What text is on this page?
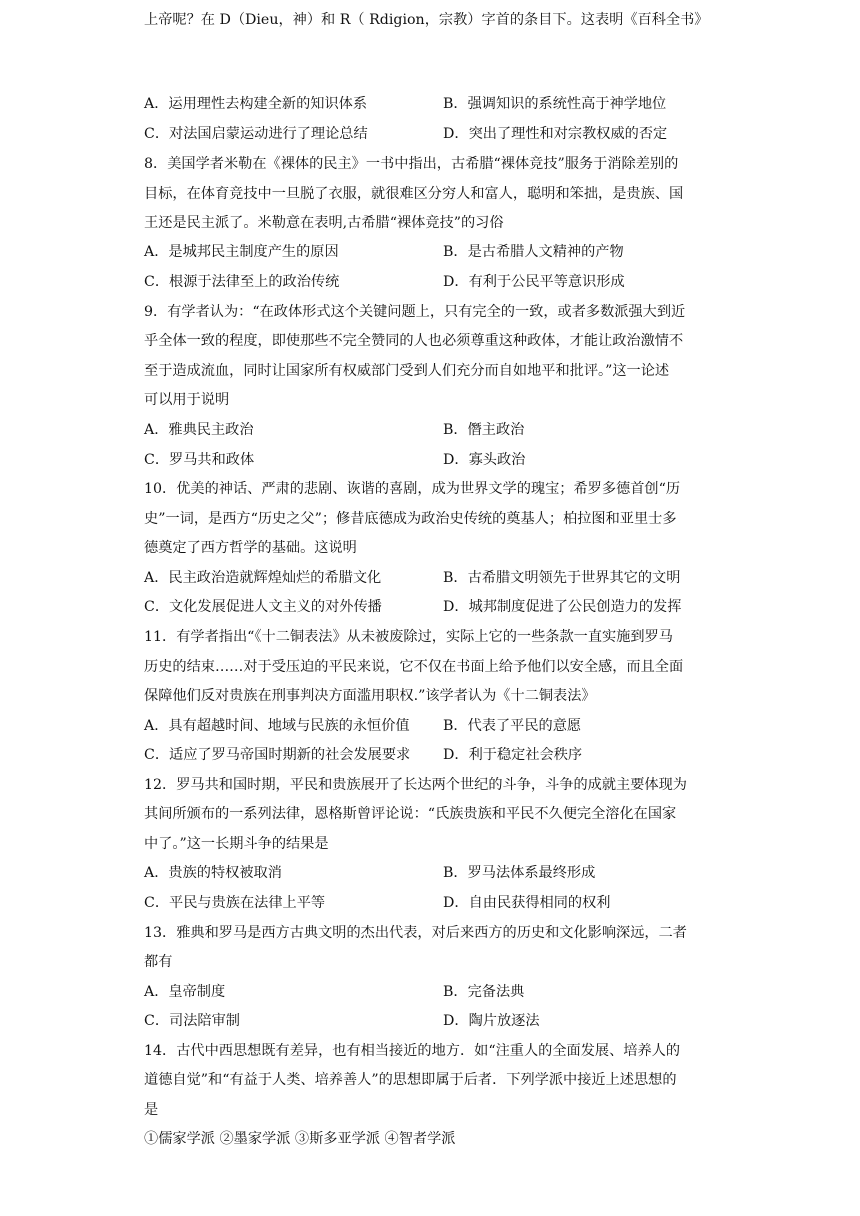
上帝呢？在 D（Dieu，神）和 R（ Rdigion，宗教）字首的条目下。这表明《百科全书》
A．运用理性去构建全新的知识体系	B．强调知识的系统性高于神学地位
C．对法国启蒙运动进行了理论总结	D．突出了理性和对宗教权威的否定
8．美国学者米勒在《裸体的民主》一书中指出，古希腊“裸体竞技”服务于消除差别的
目标，在体育竞技中一旦脱了衣服，就很难区分穷人和富人，聪明和笨拙，是贵族、国
王还是民主派了。米勒意在表明,古希腊“裸体竞技”的习俗
A．是城邦民主制度产生的原因	B．是古希腊人文精神的产物
C．根源于法律至上的政治传统	D．有利于公民平等意识形成
9．有学者认为：“在政体形式这个关键问题上，只有完全的一致，或者多数派强大到近
乎全体一致的程度，即使那些不完全赞同的人也必须尊重这种政体，才能让政治激情不
至于造成流血，同时让国家所有权威部门受到人们充分而自如地平和批评。”这一论述
可以用于说明
A．雅典民主政治	B．僭主政治
C．罗马共和政体	D．寡头政治
10．优美的神话、严肃的悲剧、诙谐的喜剧，成为世界文学的瑰宝；希罗多德首创“历
史”一词，是西方“历史之父”；修昔底德成为政治史传统的奠基人；柏拉图和亚里士多
德奠定了西方哲学的基础。这说明
A．民主政治造就辉煌灿烂的希腊文化	B．古希腊文明领先于世界其它的文明
C．文化发展促进人文主义的对外传播	D．城邦制度促进了公民创造力的发挥
11．有学者指出“《十二铜表法》从未被废除过，实际上它的一些条款一直实施到罗马
历史的结束……对于受压迫的平民来说，它不仅在书面上给予他们以安全感，而且全面
保障他们反对贵族在刑事判决方面滥用职权.”该学者认为《十二铜表法》
A．具有超越时间、地域与民族的永恒价值 B．代表了平民的意愿
C．适应了罗马帝国时期新的社会发展要求 D．利于稳定社会秩序
12．罗马共和国时期，平民和贵族展开了长达两个世纪的斗争，斗争的成就主要体现为
其间所颁布的一系列法律，恩格斯曾评论说：“氏族贵族和平民不久便完全溶化在国家
中了。”这一长期斗争的结果是
A．贵族的特权被取消	B．罗马法体系最终形成
C．平民与贵族在法律上平等	D．自由民获得相同的权利
13．雅典和罗马是西方古典文明的杰出代表，对后来西方的历史和文化影响深远，二者
都有
A．皇帝制度	B．完备法典
C．司法陪审制	D．陶片放逐法
14．古代中西思想既有差异，也有相当接近的地方．如“注重人的全面发展、培养人的
道德自觉”和“有益于人类、培养善人”的思想即属于后者．下列学派中接近上述思想的
是
①儒家学派 ②墨家学派 ③斯多亚学派 ④智者学派
